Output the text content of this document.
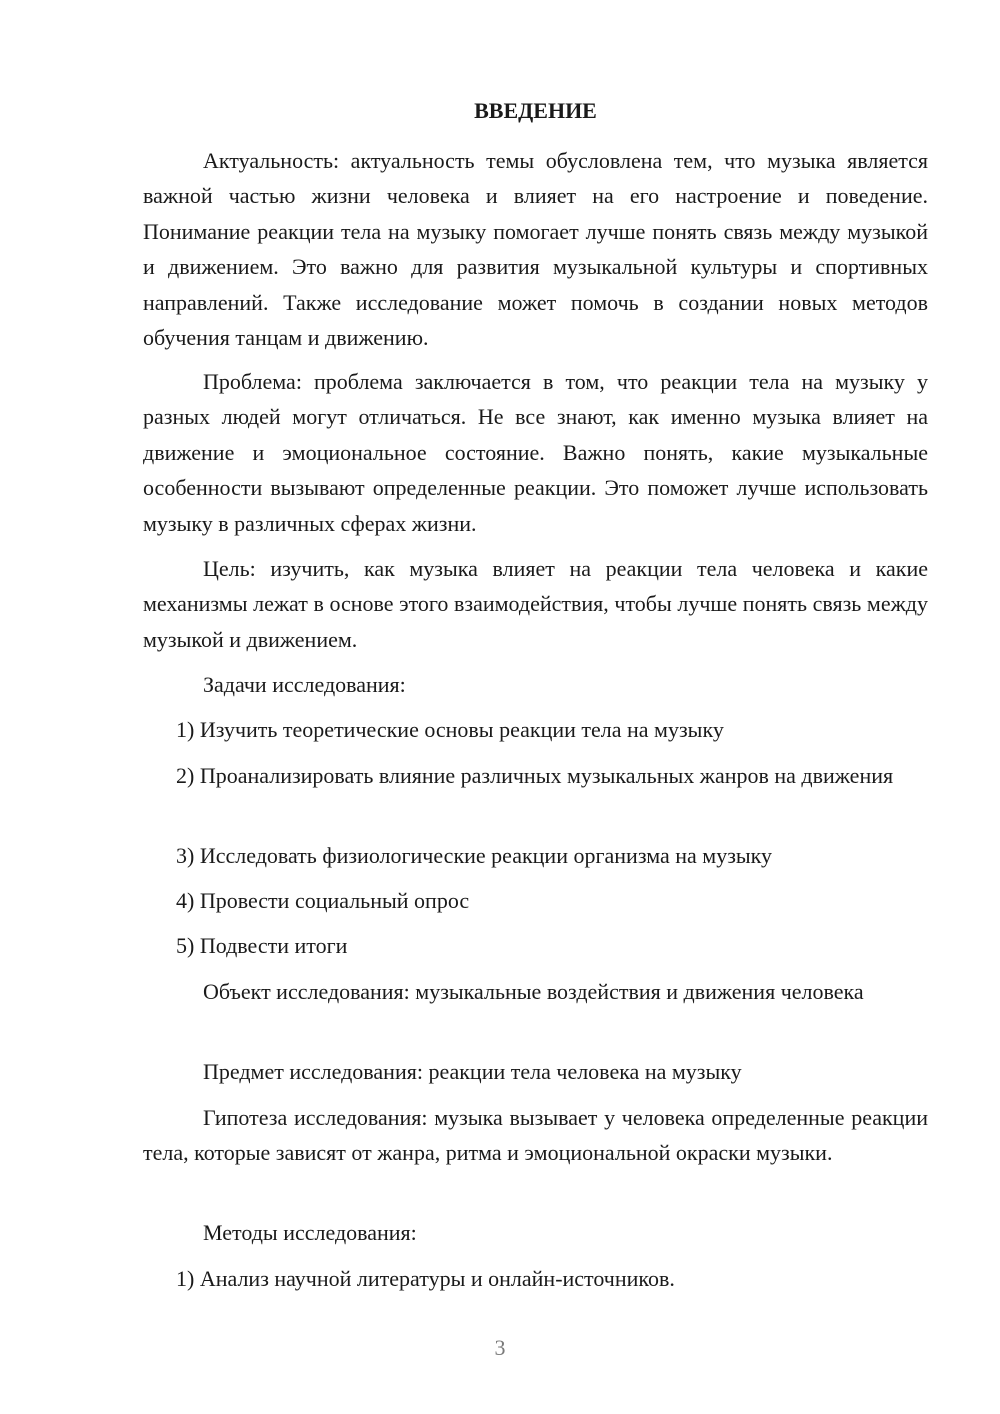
ВВЕДЕНИЕ

Актуальность: актуальность темы обусловлена тем, что музыка является важной частью жизни человека и влияет на его настроение и поведение. Понимание реакции тела на музыку помогает лучше понять связь между музыкой и движением. Это важно для развития музыкальной культуры и спортивных направлений. Также исследование может помочь в создании новых методов обучения танцам и движению.

Проблема: проблема заключается в том, что реакции тела на музыку у разных людей могут отличаться. Не все знают, как именно музыка влияет на движение и эмоциональное состояние. Важно понять, какие музыкальные особенности вызывают определенные реакции. Это поможет лучше использовать музыку в различных сферах жизни.

Цель: изучить, как музыка влияет на реакции тела человека и какие механизмы лежат в основе этого взаимодействия, чтобы лучше понять связь между музыкой и движением.

Задачи исследования:

1) Изучить теоретические основы реакции тела на музыку

2) Проанализировать влияние различных музыкальных жанров на движения

3) Исследовать физиологические реакции организма на музыку

4) Провести социальный опрос

5) Подвести итоги

Объект исследования: музыкальные воздействия и движения человека

Предмет исследования: реакции тела человека на музыку

Гипотеза исследования: музыка вызывает у человека определенные реакции тела, которые зависят от жанра, ритма и эмоциональной окраски музыки.

Методы исследования:

1) Анализ научной литературы и онлайн-источников.

3
